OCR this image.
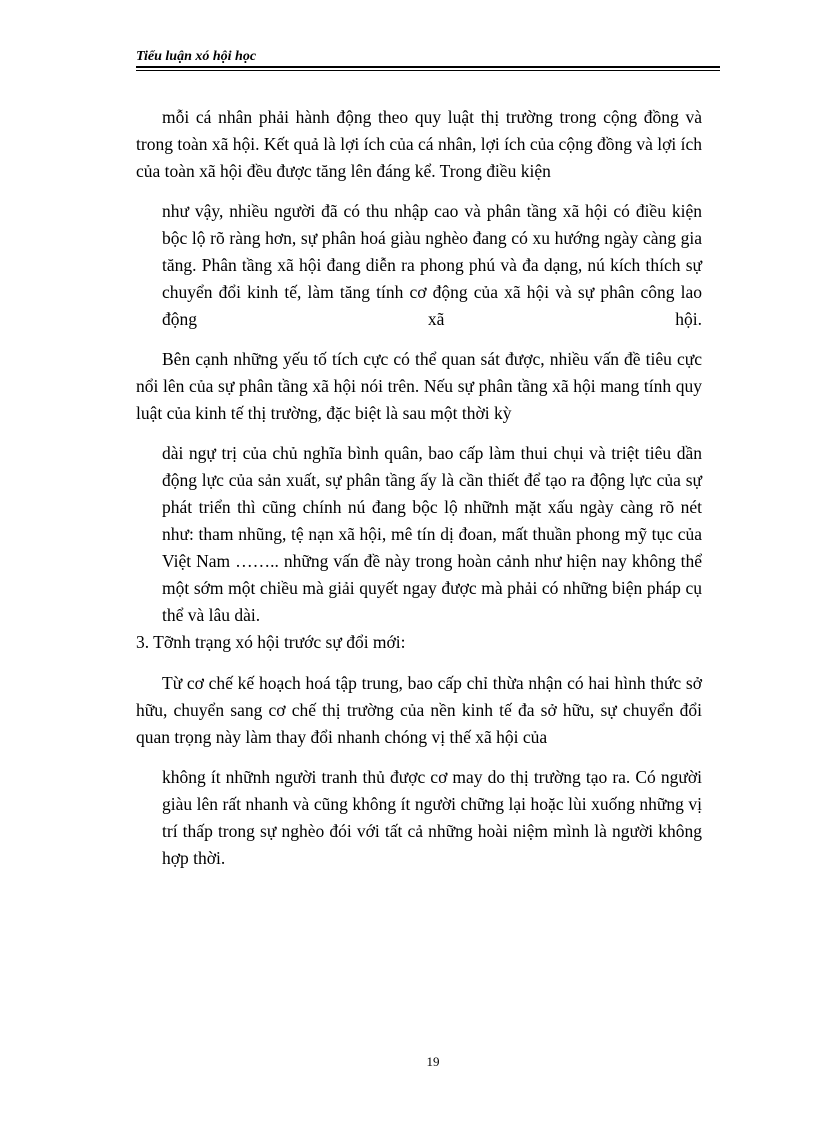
Tiểu luận xó hội học

mỗi cá nhân phải hành động theo quy luật thị trường trong cộng đồng và trong toàn xã hội. Kết quả là lợi ích của cá nhân, lợi ích của cộng đồng và lợi ích của toàn xã hội đều được tăng lên đáng kể. Trong điều kiện

như vậy, nhiều người đã có thu nhập cao và phân tầng xã hội có điều kiện bộc lộ rõ ràng hơn, sự phân hoá giàu nghèo đang có xu hướng ngày càng gia tăng. Phân tầng xã hội đang diễn ra phong phú và đa dạng, nú kích thích sự chuyển đổi kinh tế, làm tăng tính cơ động của xã hội và sự phân công lao động xã hội.

Bên cạnh những yếu tố tích cực có thể quan sát được, nhiều vấn đề tiêu cực nổi lên của sự phân tầng xã hội nói trên. Nếu sự phân tầng xã hội mang tính quy luật của kinh tế thị trường, đặc biệt là sau một thời kỳ

dài ngự trị của chủ nghĩa bình quân, bao cấp làm thui chụi và triệt tiêu dần động lực của sản xuất, sự phân tầng ấy là cần thiết để tạo ra động lực của sự phát triển thì cũng chính nú đang bộc lộ nhữnh mặt xấu ngày càng rõ nét như: tham nhũng, tệ nạn xã hội, mê tín dị đoan, mất thuần phong mỹ tục của Việt Nam …….. những vấn đề này trong hoàn cảnh như hiện nay không thể một sớm một chiều mà giải quyết ngay được mà phải có những biện pháp cụ thể và lâu dài.

3. Tỡnh trạng xó hội trước sự đổi mới:

Từ cơ chế kế hoạch hoá tập trung, bao cấp chỉ thừa nhận có hai hình thức sở hữu, chuyển sang cơ chế thị trường của nền kinh tế đa sở hữu, sự chuyển đổi quan trọng này làm thay đổi nhanh chóng vị thế xã hội của

không ít nhữnh người tranh thủ được cơ may do thị trường tạo ra. Có người giàu lên rất nhanh và cũng không ít người chững lại hoặc lùi xuống những vị trí thấp trong sự nghèo đói với tất cả những hoài niệm mình là người không hợp thời.

19
